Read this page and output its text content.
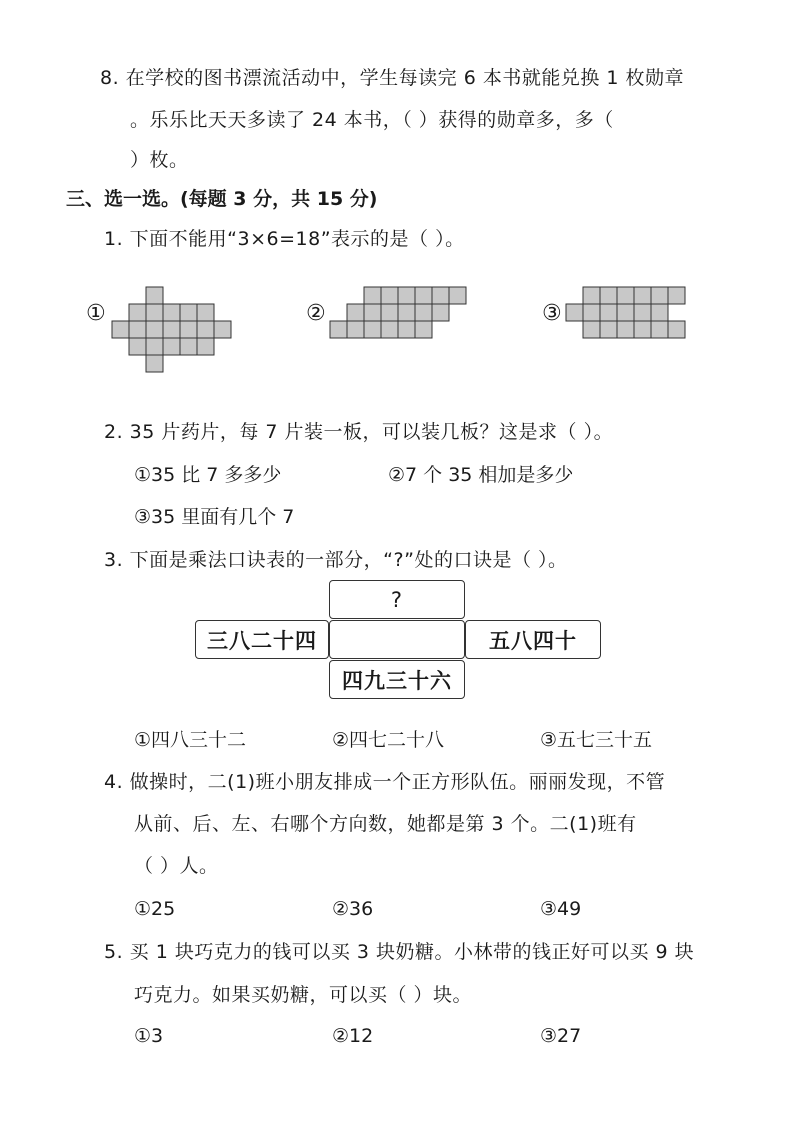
8. 在学校的图书漂流活动中，学生每读完 6 本书就能兑换 1 枚勋章
。乐乐比天天多读了 24 本书，（ ）获得的勋章多，多（
）枚。
三、选一选。(每题 3 分，共 15 分)
1. 下面不能用“3×6=18”表示的是（ ）。
①	②	③
2. 35 片药片，每 7 片装一板，可以装几板？这是求（ ）。
①35 比 7 多多少	②7 个 35 相加是多少
③35 里面有几个 7
3. 下面是乘法口诀表的一部分，“?”处的口诀是（ ）。
?
三八二十四	五八四十
四九三十六
①四八三十二	②四七二十八	③五七三十五
4. 做操时，二(1)班小朋友排成一个正方形队伍。丽丽发现，不管
从前、后、左、右哪个方向数，她都是第 3 个。二(1)班有
（ ）人。
①25	②36	③49
5. 买 1 块巧克力的钱可以买 3 块奶糖。小林带的钱正好可以买 9 块
巧克力。如果买奶糖，可以买（ ）块。
①3	②12	③27
